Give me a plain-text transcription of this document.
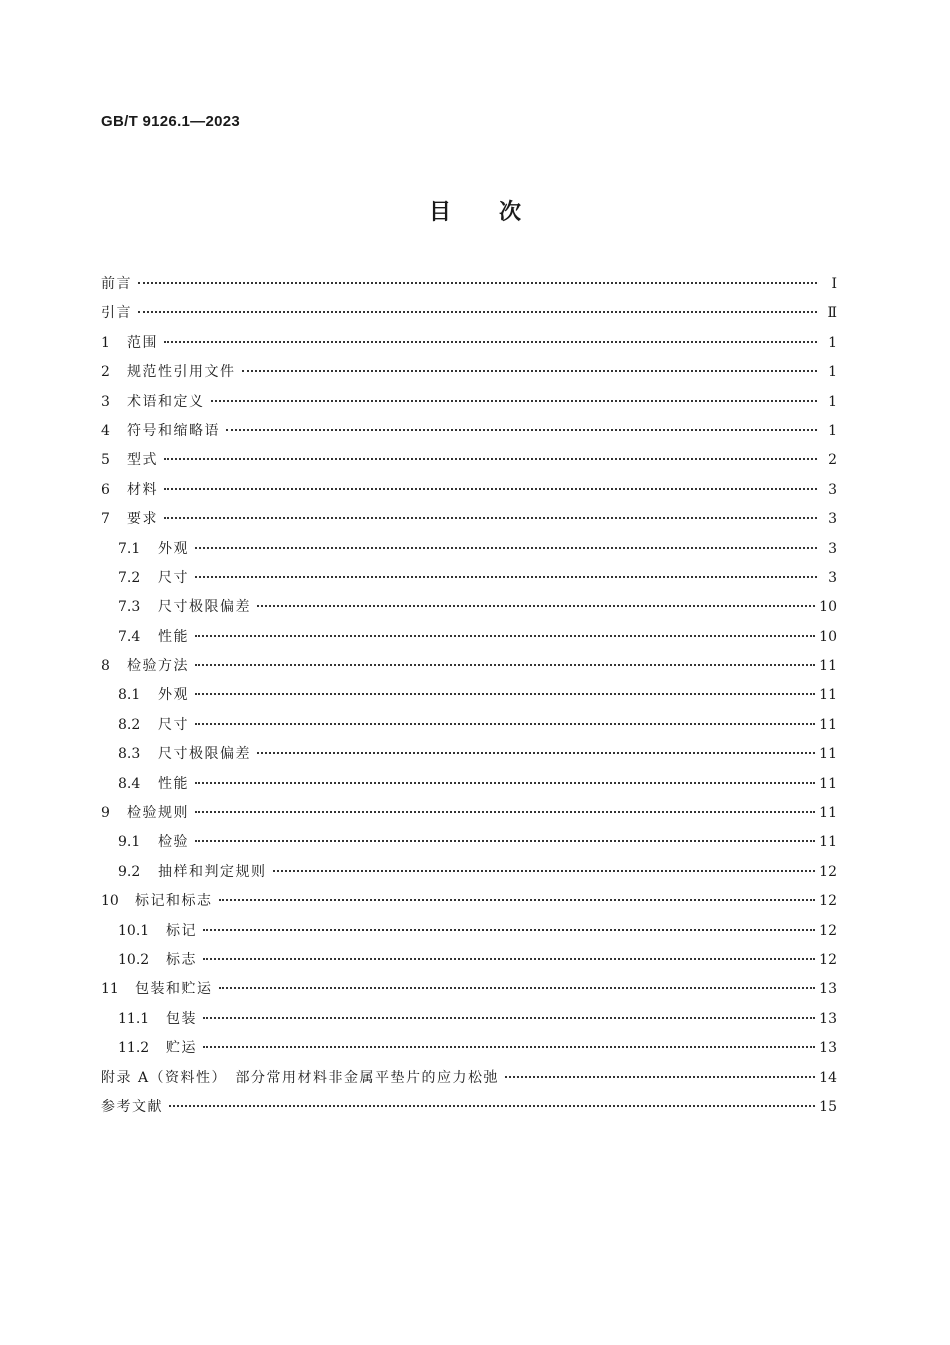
GB/T 9126.1—2023
目次
前言	Ⅰ
引言	Ⅱ
1	范围	1
2	规范性引用文件	1
3	术语和定义	1
4	符号和缩略语	1
5	型式	2
6	材料	3
7	要求	3
7.1	外观	3
7.2	尺寸	3
7.3	尺寸极限偏差	10
7.4	性能	10
8	检验方法	11
8.1	外观	11
8.2	尺寸	11
8.3	尺寸极限偏差	11
8.4	性能	11
9	检验规则	11
9.1	检验	11
9.2	抽样和判定规则	12
10	标记和标志	12
10.1	标记	12
10.2	标志	12
11	包装和贮运	13
11.1	包装	13
11.2	贮运	13
附录 A（资料性）　部分常用材料非金属平垫片的应力松弛	14
参考文献	15
